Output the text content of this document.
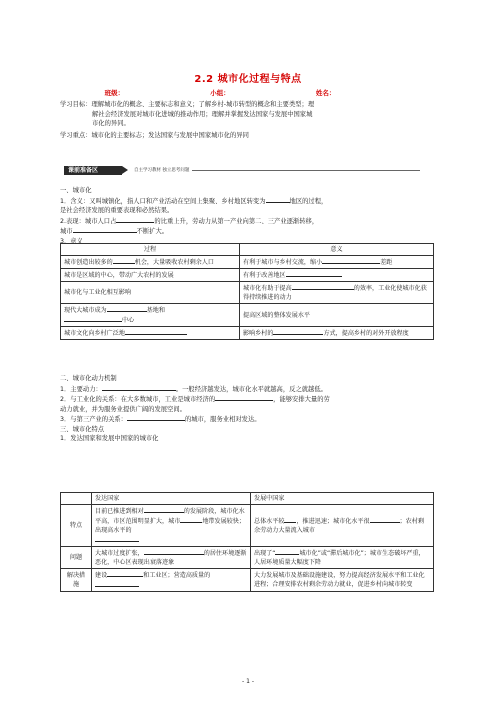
2.2 城市化过程与特点
班级：	小组：	姓名：
学习目标：理解城市化的概念、主要标志和意义；了解乡村-城市转型的概念和主要类型；理
解社会经济发展对城市化进城的推动作用；理解并掌握发达国家与发展中国家城
市化的异同。
学习重点：城市化的主要标志；发达国家与发展中国家城市化的异同
课前准备区	自主学习教材 独立思考问题
一、城市化
1．含义：又叫城镇化，指人口和产业活动在空间上集聚、乡村地区转变为	地区的过程，
是社会经济发展的重要表现和必然结果。
2.表现：城市人口占	的比重上升，劳动力从第一产业向第二、三产业逐渐转移，
城市	不断扩大。
3．意义
过程	意义
城市创造出较多的 机会，大量吸收农村剩余人口	有利于城市与乡村交流，缩小 差距
城市是区域的中心，带动广大农村的发展	有利于改善地区
城市化与工业化相互影响	城市化有助于提高 的效率，工业化使城市化获得持续推进的动力
现代大城市成为 基地和
中心	提高区域的整体发展水平
城市文化向乡村广泛地	影响乡村的 方式，提高乡村的对外开放程度
二、城市化动力机制
1．主要动力：	。一般经济越发达，城市化水平就越高，反之就越低。
2．与工业化的关系：在大多数城市，工业是城市经济的	，能够安排大量的劳
动力就业，并为服务业提供广阔的发展空间。
3．与第三产业的关系：	的城市，服务业相对发达。
三、城市化特点
1．发达国家和发展中国家的城市化
	发达国家	发展中国家
特点	目前已推进到相对 的发展阶段，城市化水平高，市区范围明显扩大，城市 地带发展较快；出现高水平的	总体水平较 ，推进迅速；城市化水平很 ；农村剩余劳动力大量流入城市
问题	大城市过度扩张， 的居住环境逐渐恶化，中心区表现出衰落迹象	出现了“ 城市化”或“滞后城市化”；城市生态破坏严重，人居环境质量大幅度下降
解决措施	建设 和工业区；营造高质量的	大力发展城市及基础设施建设，努力提高经济发展水平和工业化进程；合理安排农村剩余劳动力就业，促进乡村向城市转变
- 1 -
